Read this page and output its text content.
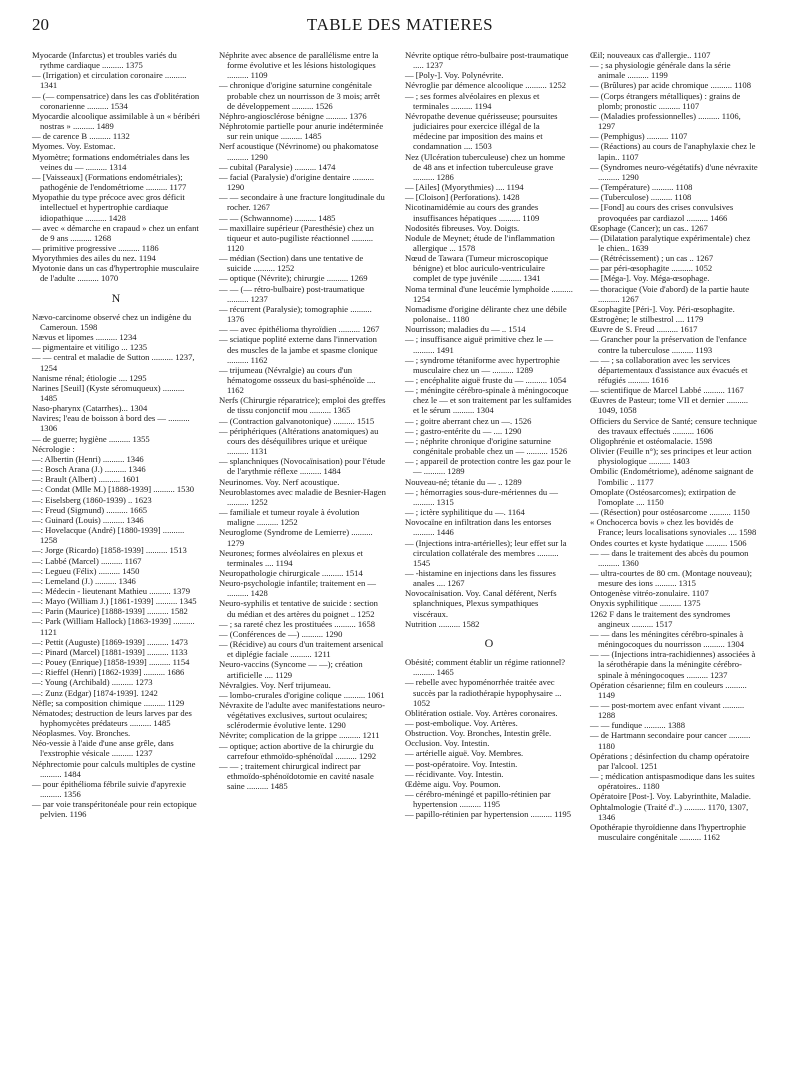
20	TABLE DES MATIERES
Myocarde (Infarctus) et troubles variés du rythme cardiaque .......... 1375
— (Irrigation) et circulation coronaire .......... 1341
— (— compensatrice) dans les cas d'oblitération coronarienne .......... 1534
Myocardie alcoolique assimilable à un « béribéri nostras » .......... 1489
— de carence B .......... 1132
Myomes. Voy. Estomac.
Myomètre; formations endométriales dans les veines du — .......... 1314
— [Vaisseaux] (Formations endométriales); pathogénie de l'endométriome .......... 1177
Myopathie du type précoce avec gros déficit intellectuel et hypertrophie cardiaque idiopathique .......... 1428
— avec « démarche en crapaud » chez un enfant de 9 ans .......... 1268
— primitive progressive .......... 1186
Myorythmies des ailes du nez. 1194
Myotonie dans un cas d'hypertrophie musculaire de l'adulte .......... 1070
N
Nævo-carcinome observé chez un indigène du Cameroun. 1598
Nævus et lipomes .......... 1234
— pigmentaire et vitiligo ... 1235
— — central et maladie de Sutton .......... 1237, 1254
Nanisme rénal; étiologie .... 1295
Narines [Seuil] (Kyste séromuqueux) .......... 1485
Naso-pharynx (Catarrhes)... 1304
Navires; l'eau de boisson à bord des — .......... 1306
— de guerre; hygiène .......... 1355
Nécrologie :
—: Albertin (Henri) .......... 1346
—: Bosch Arana (J.) .......... 1346
—: Brault (Albert) .......... 1601
—: Condat (Mlle M.) [1888-1939] .......... 1530
—: Eiselsberg (1860-1939) .. 1623
—: Freud (Sigmund) .......... 1665
—: Guinard (Louis) .......... 1346
—: Hovelacque (André) [1880-1939] .......... 1258
—: Jorge (Ricardo) [1858-1939] .......... 1513
—: Labbé (Marcel) .......... 1167
—: Legueu (Félix) .......... 1450
—: Lemeland (J.) .......... 1346
—: Médecin - lieutenant Mathieu .......... 1379
—: Mayo (William J.) [1861-1939] .......... 1345
—: Parin (Maurice) [1888-1939] .......... 1582
—: Park (William Hallock) [1863-1939] .......... 1121
—: Pettit (Auguste) [1869-1939] .......... 1473
—: Pinard (Marcel) [1881-1939] .......... 1133
—: Pouey (Enrique) [1858-1939] .......... 1154
—: Rieffel (Henri) [1862-1939] .......... 1686
—: Young (Archibald) .......... 1273
—: Zunz (Edgar) [1874-1939]. 1242
Nèfle; sa composition chimique .......... 1129
Nématodes; destruction de leurs larves par des hyphomycètes prédateurs .......... 1485
Néoplasmes. Voy. Bronches.
Néo-vessie à l'aide d'une anse grêle, dans l'exstrophie vésicale .......... 1237
Néphrectomie pour calculs multiples de cystine .......... 1484
— pour épithélioma fébrile suivie d'apyrexie .......... 1356
— par voie transpéritonéale pour rein ectopique pelvien. 1196
Néphrite avec absence de parallélisme entre la forme évolutive et les lésions histologiques .......... 1109
— chronique d'origine saturnine congénitale probable chez un nourrisson de 3 mois; arrêt de développement .......... 1526
Néphro-angiosclérose bénigne .......... 1376
Néphrotomie partielle pour anurie indéterminée sur rein unique .......... 1485
Nerf acoustique (Névrinome) ou phakomatose .......... 1290
— cubital (Paralysie) .......... 1474
— facial (Paralysie) d'origine dentaire .......... 1290
— — secondaire à une fracture longitudinale du rocher. 1267
— — (Schwannome) .......... 1485
— maxillaire supérieur (Paresthésie) chez un tiqueur et auto-pugiliste réactionnel .......... 1120
— médian (Section) dans une tentative de suicide .......... 1252
— optique (Névrite); chirurgie .......... 1269
— — (— rétro-bulbaire) post-traumatique .......... 1237
— récurrent (Paralysie); tomographie .......... 1376
— — avec épithélioma thyroïdien .......... 1267
— sciatique poplité externe dans l'innervation des muscles de la jambe et spasme clonique .......... 1162
— trijumeau (Névralgie) au cours d'un hématogome ossseux du basi-sphénoïde .... 1162
Nerfs (Chirurgie réparatrice); emploi des greffes de tissu conjonctif mou .......... 1365
— (Contraction galvanotonique) .......... 1515
— périphériques (Altérations anatomiques) au cours des déséquilibres urique et uréique .......... 1131
— splanchniques (Novocaïnisation) pour l'étude de l'arythmie réflexe .......... 1484
Neurinomes. Voy. Nerf acoustique.
Neuroblastomes avec maladie de Besnier-Hagen .......... 1252
— familiale et tumeur royale à évolution maligne .......... 1252
Neuroglome (Syndrome de Lemierre) .......... 1279
Neurones; formes alvéolaires en plexus et terminales .... 1194
Neuropathologie chirurgicale .......... 1514
Neuro-psychologie infantile; traitement en — .......... 1428
Neuro-syphilis et tentative de suicide : section du médian et des artères du poignet .. 1252
— ; sa rareté chez les prostituées .......... 1658
— (Conférences de —) .......... 1290
— (Récidive) au cours d'un traitement arsenical et diplégie faciale .......... 1211
Neuro-vaccins (Syncome — —); création artificielle .... 1129
Névralgies. Voy. Nerf trijumeau.
— lombo-crurales d'origine colique .......... 1061
Névraxite de l'adulte avec manifestations neuro-végétatives exclusives, surtout oculaires; sclérodermie évolutive lente. 1290
Névrite; complication de la grippe .......... 1211
— optique; action abortive de la chirurgie du carrefour ethmoïdo-sphénoïdal .......... 1292
— — ; traitement chirurgical indirect par ethmoïdo-sphénoïdotomie en cavité nasale saine .......... 1485
Névrite optique rétro-bulbaire post-traumatique ..... 1237
— [Poly-]. Voy. Polynévrite.
Névroglie par démence alcoolique .......... 1252
— ; ses formes alvéolaires en plexus et terminales .......... 1194
Névropathe devenue quérisseuse; poursuites judiciaires pour exercice illégal de la médecine par imposition des mains et condamnation .... 1503
Nez (Ulcération tuberculeuse) chez un homme de 48 ans et infection tuberculeuse grave .......... 1286
— [Ailes] (Myorythmies) .... 1194
— [Cloison] (Perforations). 1428
Nicotinamidémie au cours des grandes insuffisances hépatiques .......... 1109
Nodosités fibreuses. Voy. Doigts.
Nodule de Meynet; étude de l'inflammation allergique ... 1578
Nœud de Tawara (Tumeur microscopique bénigne) et bloc auriculo-ventriculaire complet de type juvénile .......... 1341
Noma terminal d'une leucémie lymphoïde .......... 1254
Nomadisme d'origine délirante chez une débile polonaise.. 1180
Nourrisson; maladies du — .. 1514
— ; insuffisance aiguë primitive chez le — .......... 1491
— ; syndrome tétaniforme avec hypertrophie musculaire chez un — .......... 1289
— ; encéphalite aiguë fruste du — .......... 1054
— ; méningite cérébro-spinale à méningocoque chez le — et son traitement par les sulfamides et le sérum .......... 1304
— ; goitre aberrant chez un —. 1526
— ; gastro-entérite du — .... 1290
— ; néphrite chronique d'origine saturnine congénitale probable chez un — .......... 1526
— ; appareil de protection contre les gaz pour le — .......... 1289
Nouveau-né; tétanie du — .. 1289
— ; hémorragies sous-dure-mériennes du — .......... 1315
— ; ictère syphilitique du —. 1164
Novocaïne en infiltration dans les entorses .......... 1446
— (Injections intra-artérielles); leur effet sur la circulation collatérale des membres .......... 1545
— -histamine en injections dans les fissures anales .... 1267
Novocaïnisation. Voy. Canal déférent, Nerfs splanchniques, Plexus sympathiques viscéraux.
Nutrition .......... 1582
O
Obésité; comment établir un régime rationnel? .......... 1465
— rebelle avec hypoménorrhée traitée avec succès par la radiothérapie hypophysaire ... 1052
Oblitération ostiale. Voy. Artères coronaires.
— post-embolique. Voy. Artères.
Obstruction. Voy. Bronches, Intestin grêle.
Occlusion. Voy. Intestin.
— artérielle aiguë. Voy. Membres.
— post-opératoire. Voy. Intestin.
— récidivante. Voy. Intestin.
Œdème aigu. Voy. Poumon.
— cérébro-méningé et papillo-rétinien par hypertension .......... 1195
— papillo-rétinien par hypertension .......... 1195
Œil; nouveaux cas d'allergie.. 1107
— ; sa physiologie générale dans la série animale .......... 1199
— (Brûlures) par acide chromique .......... 1108
— (Corps étrangers métalliques) : grains de plomb; pronostic .......... 1107
— (Maladies professionnelles) .......... 1106, 1297
— (Pemphigus) .......... 1107
— (Réactions) au cours de l'anaphylaxie chez le lapin.. 1107
— (Syndromes neuro-végétatifs) d'une névraxite .......... 1290
— (Température) .......... 1108
— (Tuberculose) .......... 1108
— [Fond] au cours des crises convulsives provoquées par cardiazol .......... 1466
Œsophage (Cancer); un cas.. 1267
— (Dilatation paralytique expérimentale) chez le chien.. 1639
— (Rétrécissement) ; un cas .. 1267
— par péri-œsophagite .......... 1052
— [Méga-]. Voy. Méga-œsophage.
— thoracique (Voie d'abord) de la partie haute .......... 1267
Œsophagite [Péri-]. Voy. Péri-œsophagite.
Œstrogène; le stilbestrol .... 1179
Œuvre de S. Freud .......... 1617
— Grancher pour la préservation de l'enfance contre la tuberculose .......... 1193
— — ; sa collaboration avec les services départementaux d'assistance aux évacués et réfugiés .......... 1616
— scientifique de Marcel Labbé .......... 1167
Œuvres de Pasteur; tome VII et dernier .......... 1049, 1058
Officiers du Service de Santé; censure technique des travaux effectués .......... 1606
Oligophrénie et ostéomalacie. 1598
Olivier (Feuille n°); ses principes et leur action physiologique .......... 1403
Ombilic (Endométriome), adénome saignant de l'ombilic .. 1177
Omoplate (Ostéosarcomes); extirpation de l'omoplate .... 1150
— (Résection) pour ostéosarcome .......... 1150
« Onchocerca bovis » chez les bovidés de France; leurs localisations synoviales .... 1598
Ondes courtes et kyste hydatique .......... 1506
— — dans le traitement des abcès du poumon .......... 1360
— ultra-courtes de 80 cm. (Montage nouveau); mesure des ions .......... 1315
Ontogenèse vitréo-zonulaire. 1107
Onyxis syphilitique .......... 1375
1262 F dans le traitement des syndromes angineux .......... 1517
— — dans les méningites cérébro-spinales à méningocoques du nourrisson .......... 1304
— — (Injections intra-rachidiennes) associées à la sérothérapie dans la méningite cérébro-spinale à méningocoques .......... 1237
Opération césarienne; film en couleurs .......... 1149
— — post-mortem avec enfant vivant .......... 1288
— — fundique .......... 1388
— de Hartmann secondaire pour cancer .......... 1180
Opérations ; désinfection du champ opératoire par l'alcool. 1251
— ; médication antispasmodique dans les suites opératoires.. 1180
Opératoire [Post-]. Voy. Labyrinthite, Maladie.
Ophtalmologie (Traité d'..) .......... 1170, 1307, 1346
Opothérapie thyroïdienne dans l'hypertrophie musculaire congénitale .......... 1162
